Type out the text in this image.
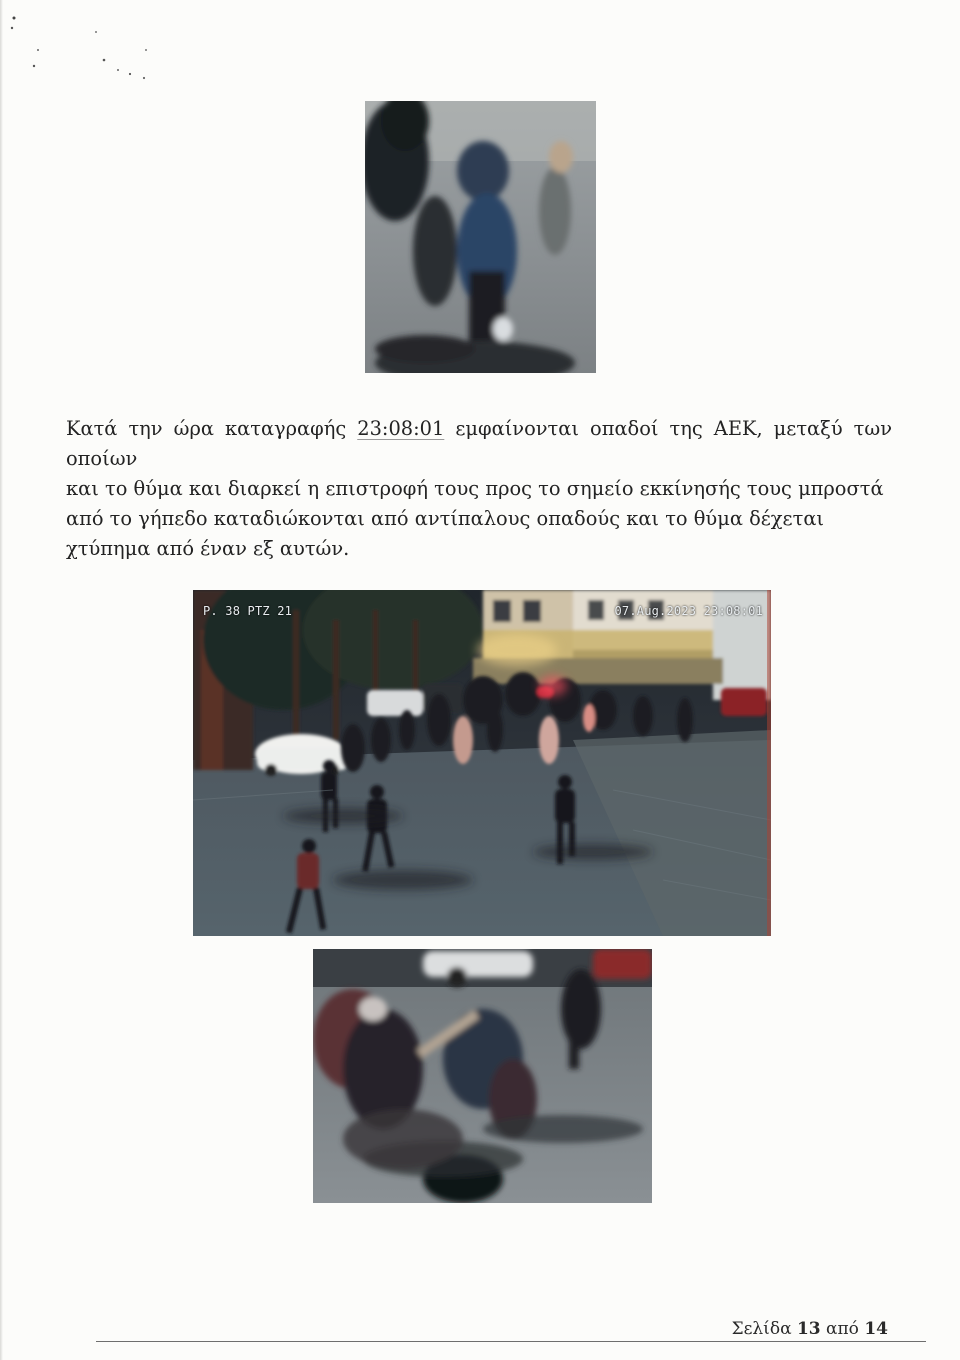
Κατά την ώρα καταγραφής 23:08:01 εμφαίνονται οπαδοί της ΑΕΚ, μεταξύ των οποίων

και το θύμα και διαρκεί η επιστροφή τους προς το σημείο εκκίνησής τους μπροστά

από το γήπεδο καταδιώκονται από αντίπαλους οπαδούς και το θύμα δέχεται

χτύπημα από έναν εξ αυτών.

P. 38 PTZ 21	07.Aug.2023 23:08:01
Σελίδα 13 από 14
